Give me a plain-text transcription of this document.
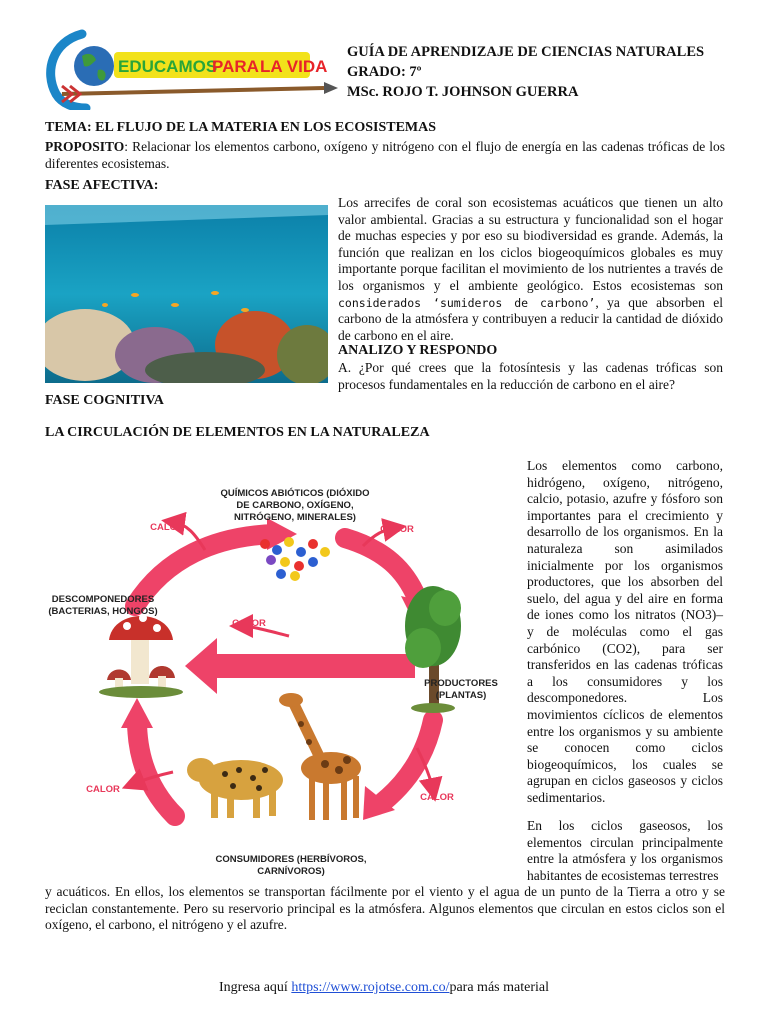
EDUCAMOS
PARA LA VIDA
GUÍA DE APRENDIZAJE DE CIENCIAS NATURALES
GRADO: 7º
MSc. ROJO T. JOHNSON GUERRA
TEMA: EL FLUJO DE LA MATERIA EN LOS ECOSISTEMAS

PROPOSITO: Relacionar los elementos carbono, oxígeno y nitrógeno con el flujo de energía en las cadenas tróficas de los diferentes ecosistemas.

FASE AFECTIVA:

Los arrecifes de coral son ecosistemas acuáticos que tienen un alto valor ambiental. Gracias a su estructura y funcionalidad son el hogar de muchas especies y por eso su biodiversidad es grande. Además, la función que realizan en los ciclos biogeoquímicos globales es muy importante porque facilitan el movimiento de los nutrientes a través de los organismos y el ambiente geológico. Estos ecosistemas son considerados ‘sumideros de carbono’, ya que absorben el carbono de la atmósfera y contribuyen a reducir la cantidad de dióxido de carbono en el aire.

ANALIZO Y RESPONDO

A. ¿Por qué crees que la fotosíntesis y las cadenas tróficas son procesos fundamentales en la reducción de carbono en el aire?

FASE COGNITIVA
LA CIRCULACIÓN DE ELEMENTOS EN LA NATURALEZA
QUÍMICOS ABIÓTICOS (DIÓXIDO
DE CARBONO, OXÍGENO,
NITRÓGENO, MINERALES)
DESCOMPONEDORES
(BACTERIAS, HONGOS)
PRODUCTORES
(PLANTAS)
CONSUMIDORES (HERBÍVOROS,
CARNÍVOROS)
CALOR	CALOR
CALOR
CALOR
CALOR

Los elementos como carbono, hidrógeno, oxígeno, nitrógeno, calcio, potasio, azufre y fósforo son importantes para el crecimiento y desarrollo de los organismos. En la naturaleza son asimilados inicialmente por los organismos productores, que los absorben del suelo, del agua y del aire en forma de iones como los nitratos (NO3)– y de moléculas como el gas carbónico (CO2), para ser transferidos en las cadenas tróficas a los consumidores y los descomponedores. Los movimientos cíclicos de elementos entre los organismos y su ambiente se conocen como ciclos biogeoquímicos, los cuales se agrupan en ciclos gaseosos y ciclos sedimentarios.

En los ciclos gaseosos, los elementos circulan principalmente entre la atmósfera y los organismos habitantes de ecosistemas terrestres

y acuáticos. En ellos, los elementos se transportan fácilmente por el viento y el agua de un punto de la Tierra a otro y se reciclan constantemente. Pero su reservorio principal es la atmósfera. Algunos elementos que circulan en estos ciclos son el oxígeno, el carbono, el nitrógeno y el azufre.

Ingresa aquí https://www.rojotse.com.co/para más material
